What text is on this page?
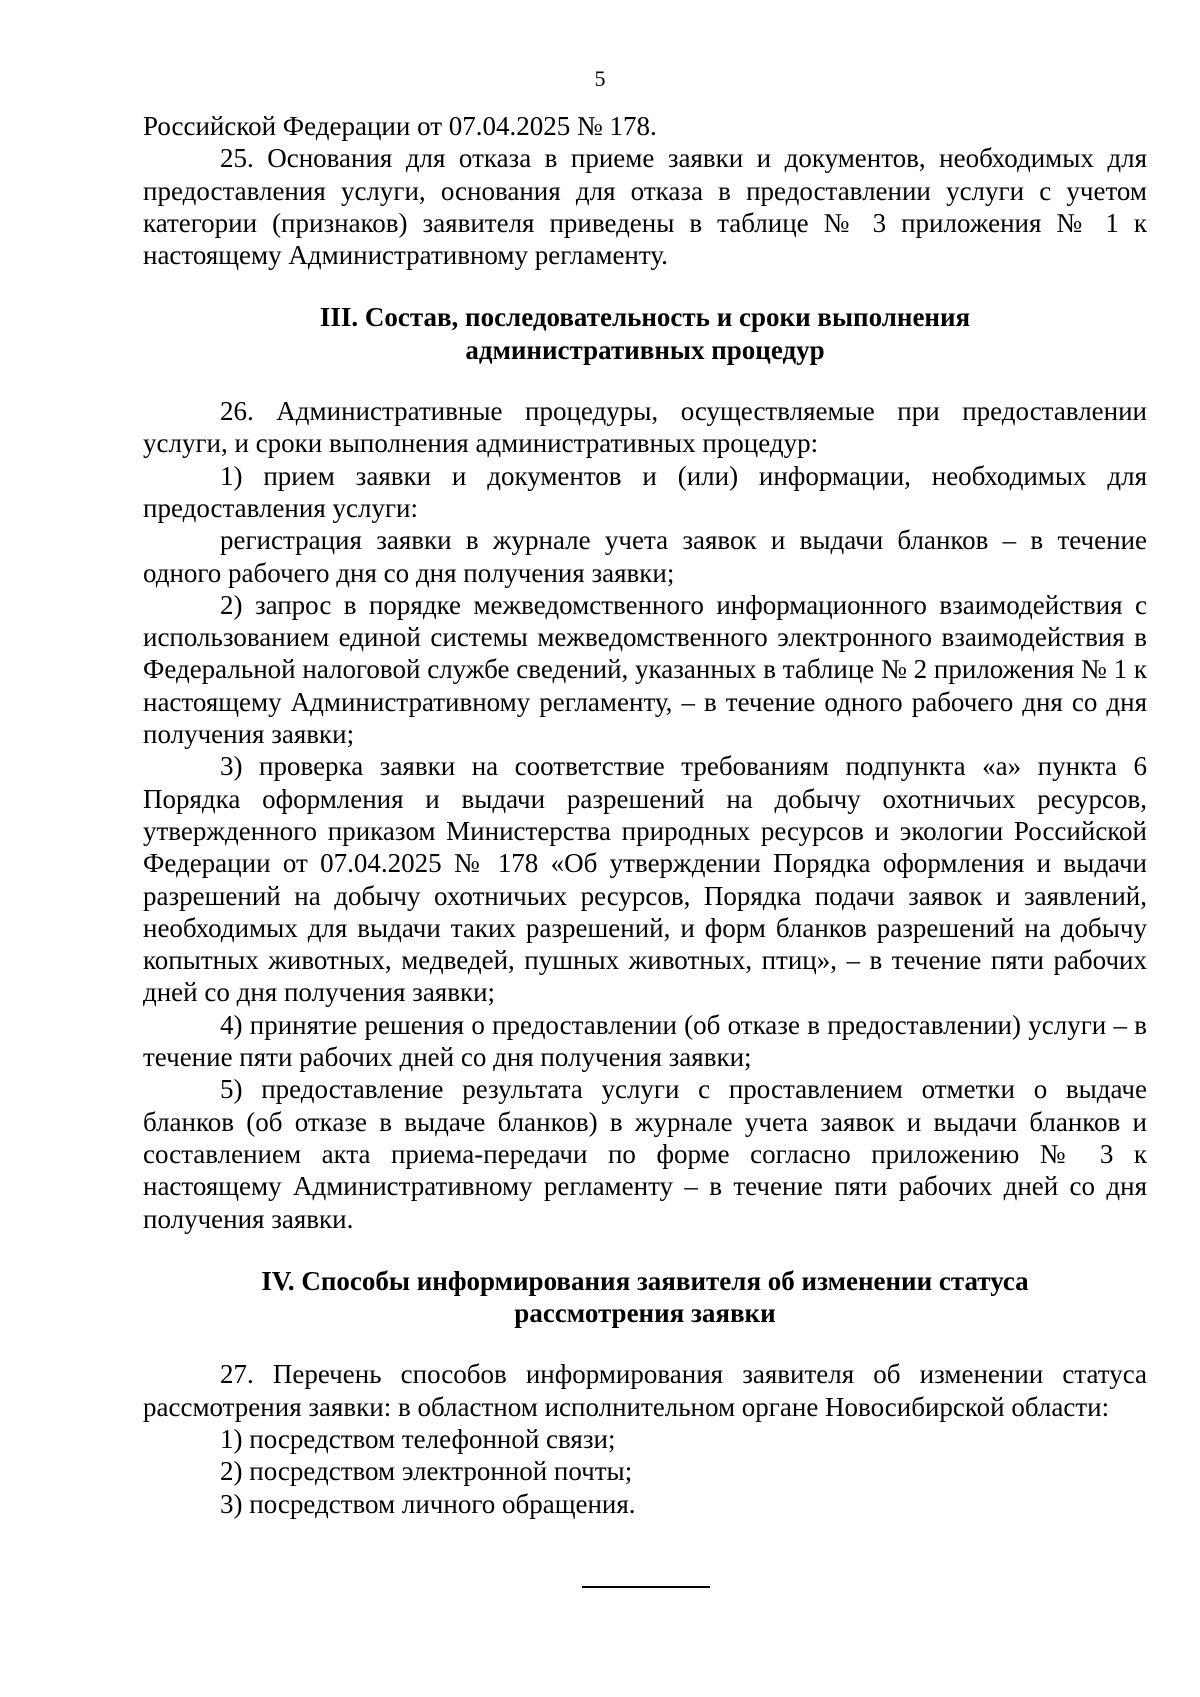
5

Российской Федерации от 07.04.2025 № 178.

25. Основания для отказа в приеме заявки и документов, необходимых для предоставления услуги, основания для отказа в предоставлении услуги с учетом категории (признаков) заявителя приведены в таблице № 3 приложения № 1 к настоящему Административному регламенту.

III. Состав, последовательность и сроки выполнения

административных процедур

26. Административные процедуры, осуществляемые при предоставлении услуги, и сроки выполнения административных процедур:

1) прием заявки и документов и (или) информации, необходимых для предоставления услуги:

регистрация заявки в журнале учета заявок и выдачи бланков – в течение одного рабочего дня со дня получения заявки;

2) запрос в порядке межведомственного информационного взаимодействия с использованием единой системы межведомственного электронного взаимодействия в Федеральной налоговой службе сведений, указанных в таблице № 2 приложения № 1 к настоящему Административному регламенту, – в течение одного рабочего дня со дня получения заявки;

3) проверка заявки на соответствие требованиям подпункта «а» пункта 6 Порядка оформления и выдачи разрешений на добычу охотничьих ресурсов, утвержденного приказом Министерства природных ресурсов и экологии Российской Федерации от 07.04.2025 № 178 «Об утверждении Порядка оформления и выдачи разрешений на добычу охотничьих ресурсов, Порядка подачи заявок и заявлений, необходимых для выдачи таких разрешений, и форм бланков разрешений на добычу копытных животных, медведей, пушных животных, птиц», – в течение пяти рабочих дней со дня получения заявки;

4) принятие решения о предоставлении (об отказе в предоставлении) услуги – в течение пяти рабочих дней со дня получения заявки;

5) предоставление результата услуги с проставлением отметки о выдаче бланков (об отказе в выдаче бланков) в журнале учета заявок и выдачи бланков и составлением акта приема-передачи по форме согласно приложению № 3 к настоящему Административному регламенту – в течение пяти рабочих дней со дня получения заявки.

IV. Способы информирования заявителя об изменении статуса

рассмотрения заявки

27. Перечень способов информирования заявителя об изменении статуса рассмотрения заявки: в областном исполнительном органе Новосибирской области:

1) посредством телефонной связи;

2) посредством электронной почты;

3) посредством личного обращения.
